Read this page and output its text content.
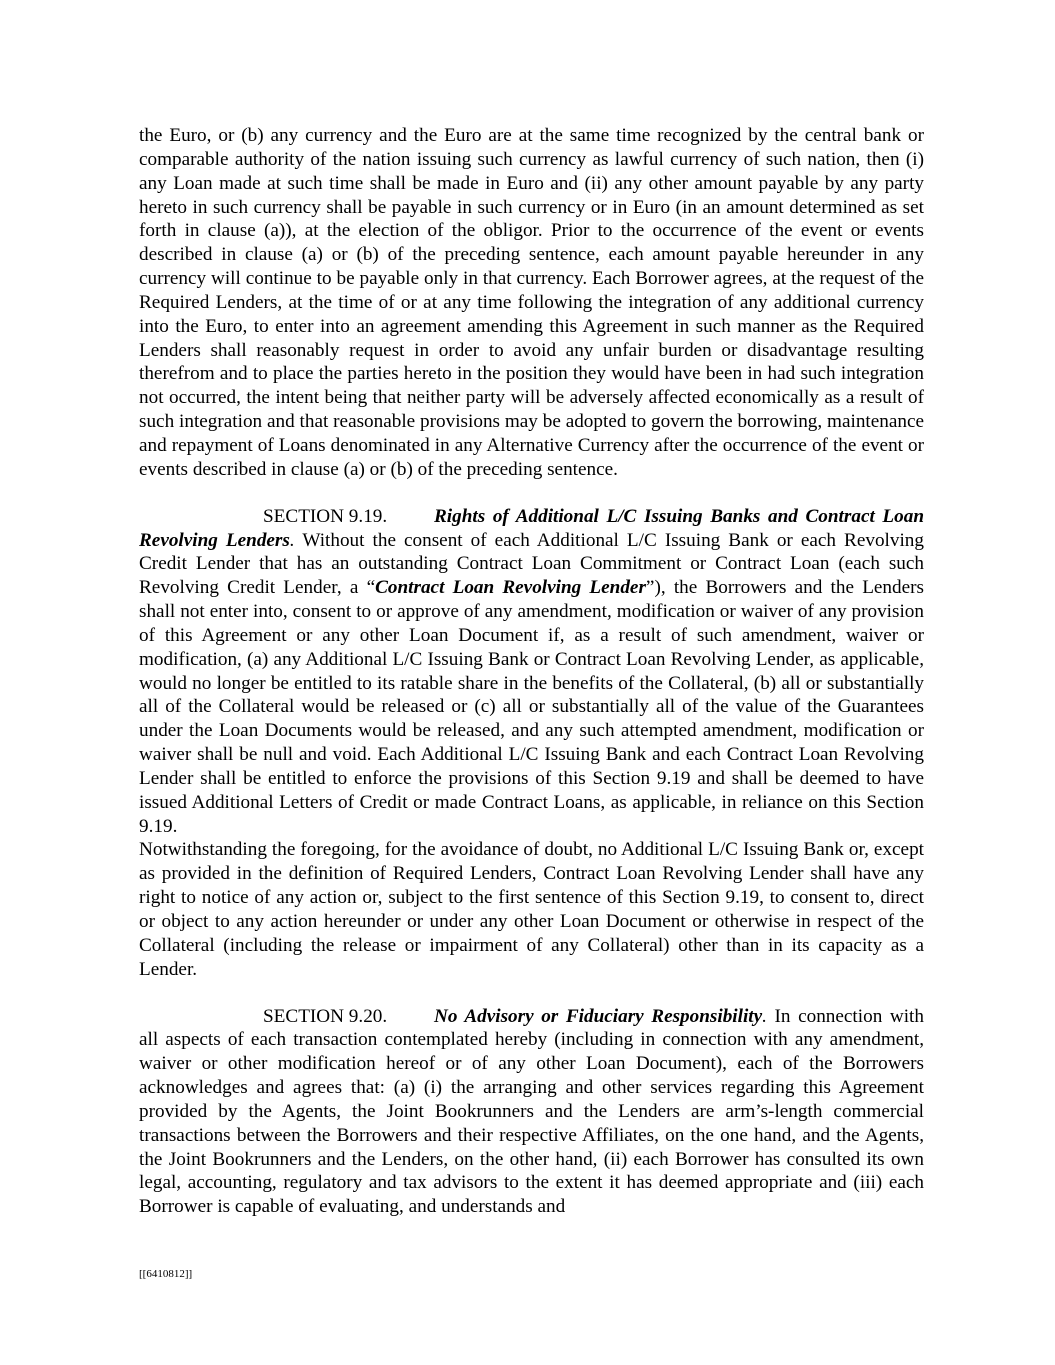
the Euro, or (b) any currency and the Euro are at the same time recognized by the central bank or comparable authority of the nation issuing such currency as lawful currency of such nation, then (i) any Loan made at such time shall be made in Euro and (ii) any other amount payable by any party hereto in such currency shall be payable in such currency or in Euro (in an amount determined as set forth in clause (a)), at the election of the obligor. Prior to the occurrence of the event or events described in clause (a) or (b) of the preceding sentence, each amount payable hereunder in any currency will continue to be payable only in that currency. Each Borrower agrees, at the request of the Required Lenders, at the time of or at any time following the integration of any additional currency into the Euro, to enter into an agreement amending this Agreement in such manner as the Required Lenders shall reasonably request in order to avoid any unfair burden or disadvantage resulting therefrom and to place the parties hereto in the position they would have been in had such integration not occurred, the intent being that neither party will be adversely affected economically as a result of such integration and that reasonable provisions may be adopted to govern the borrowing, maintenance and repayment of Loans denominated in any Alternative Currency after the occurrence of the event or events described in clause (a) or (b) of the preceding sentence.

SECTION 9.19. Rights of Additional L/C Issuing Banks and Contract Loan Revolving Lenders. Without the consent of each Additional L/C Issuing Bank or each Revolving Credit Lender that has an outstanding Contract Loan Commitment or Contract Loan (each such Revolving Credit Lender, a “Contract Loan Revolving Lender”), the Borrowers and the Lenders shall not enter into, consent to or approve of any amendment, modification or waiver of any provision of this Agreement or any other Loan Document if, as a result of such amendment, waiver or modification, (a) any Additional L/C Issuing Bank or Contract Loan Revolving Lender, as applicable, would no longer be entitled to its ratable share in the benefits of the Collateral, (b) all or substantially all of the Collateral would be released or (c) all or substantially all of the value of the Guarantees under the Loan Documents would be released, and any such attempted amendment, modification or waiver shall be null and void. Each Additional L/C Issuing Bank and each Contract Loan Revolving Lender shall be entitled to enforce the provisions of this Section 9.19 and shall be deemed to have issued Additional Letters of Credit or made Contract Loans, as applicable, in reliance on this Section 9.19.
Notwithstanding the foregoing, for the avoidance of doubt, no Additional L/C Issuing Bank or, except as provided in the definition of Required Lenders, Contract Loan Revolving Lender shall have any right to notice of any action or, subject to the first sentence of this Section 9.19, to consent to, direct or object to any action hereunder or under any other Loan Document or otherwise in respect of the Collateral (including the release or impairment of any Collateral) other than in its capacity as a Lender.

SECTION 9.20. No Advisory or Fiduciary Responsibility. In connection with all aspects of each transaction contemplated hereby (including in connection with any amendment, waiver or other modification hereof or of any other Loan Document), each of the Borrowers acknowledges and agrees that: (a) (i) the arranging and other services regarding this Agreement provided by the Agents, the Joint Bookrunners and the Lenders are arm’s-length commercial transactions between the Borrowers and their respective Affiliates, on the one hand, and the Agents, the Joint Bookrunners and the Lenders, on the other hand, (ii) each Borrower has consulted its own legal, accounting, regulatory and tax advisors to the extent it has deemed appropriate and (iii) each Borrower is capable of evaluating, and understands and

[[6410812]]
